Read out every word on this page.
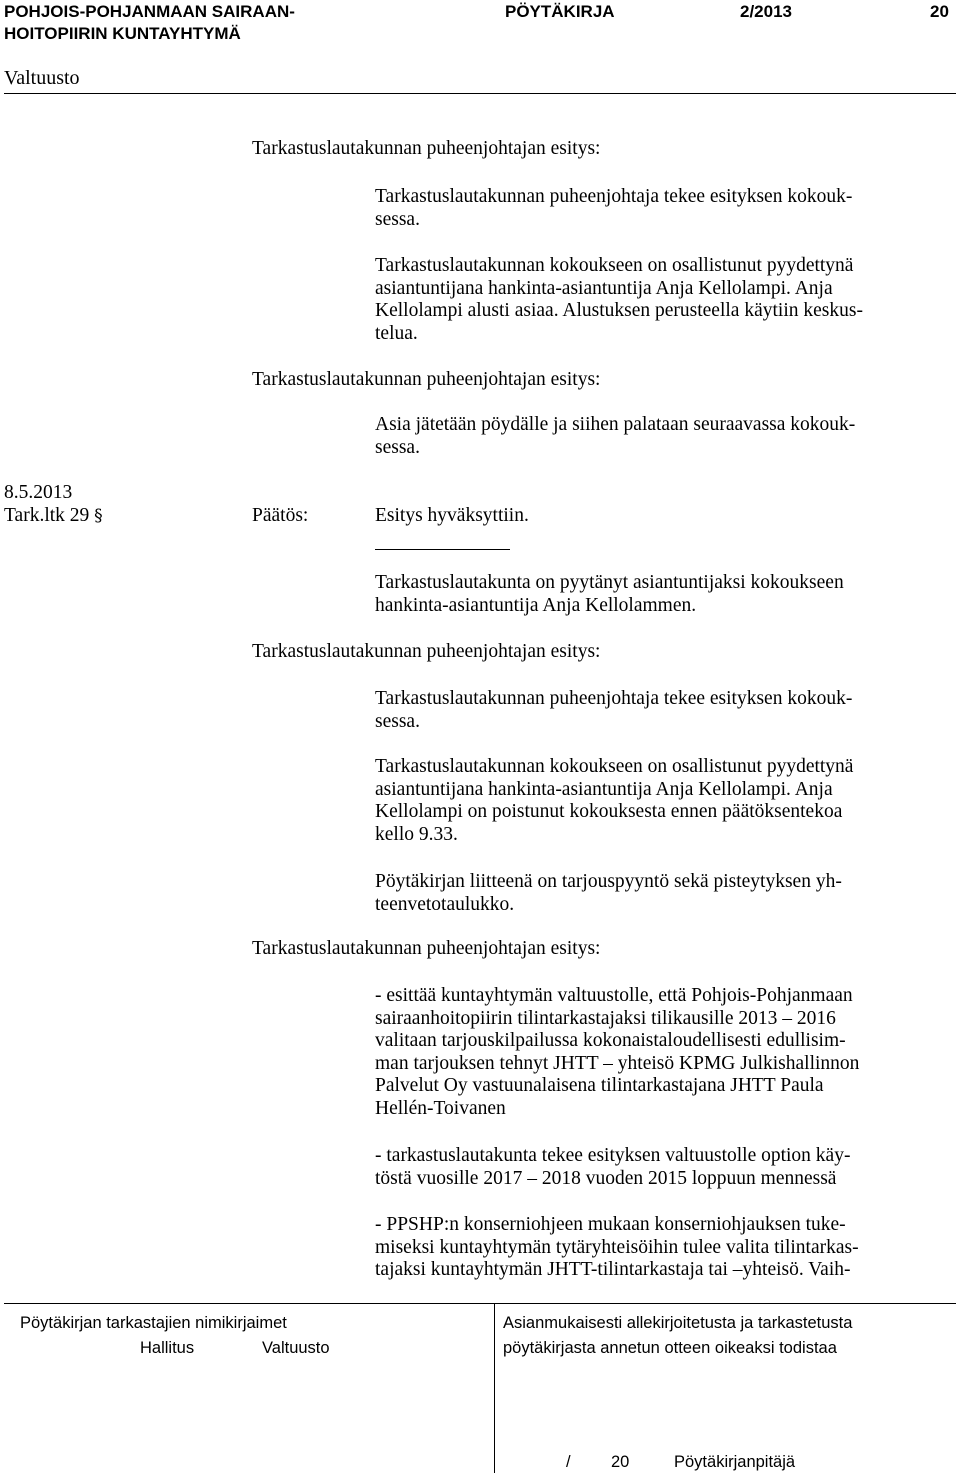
POHJOIS-POHJANMAAN SAIRAAN-
HOITOPIIRIN KUNTAYHTYMÄ
PÖYTÄKIRJA	2/2013	20
Valtuusto
Tarkastuslautakunnan puheenjohtajan esitys:

Tarkastuslautakunnan puheenjohtaja tekee esityksen kokouk-

sessa.

Tarkastuslautakunnan kokoukseen on osallistunut pyydettynä

asiantuntijana hankinta-asiantuntija Anja Kellolampi. Anja

Kellolampi alusti asiaa. Alustuksen perusteella käytiin keskus-

telua.

Tarkastuslautakunnan puheenjohtajan esitys:

Asia jätetään pöydälle ja siihen palataan seuraavassa kokouk-

sessa.

8.5.2013
Tark.ltk 29 §	Päätös:	Esitys hyväksyttiin.

Tarkastuslautakunta on pyytänyt asiantuntijaksi kokoukseen

hankinta-asiantuntija Anja Kellolammen.

Tarkastuslautakunnan puheenjohtajan esitys:

Tarkastuslautakunnan puheenjohtaja tekee esityksen kokouk-

sessa.

Tarkastuslautakunnan kokoukseen on osallistunut pyydettynä

asiantuntijana hankinta-asiantuntija Anja Kellolampi. Anja

Kellolampi on poistunut kokouksesta ennen päätöksentekoa

kello 9.33.

Pöytäkirjan liitteenä on tarjouspyyntö sekä pisteytyksen yh-

teenvetotaulukko.

Tarkastuslautakunnan puheenjohtajan esitys:

- esittää kuntayhtymän valtuustolle, että Pohjois-Pohjanmaan

sairaanhoitopiirin tilintarkastajaksi tilikausille 2013 – 2016

valitaan tarjouskilpailussa kokonaistaloudellisesti edullisim-

man tarjouksen tehnyt JHTT – yhteisö KPMG Julkishallinnon

Palvelut Oy vastuunalaisena tilintarkastajana JHTT Paula

Hellén-Toivanen

- tarkastuslautakunta tekee esityksen valtuustolle option käy-

töstä vuosille 2017 – 2018 vuoden 2015 loppuun mennessä

- PPSHP:n konserniohjeen mukaan konserniohjauksen tuke-

miseksi kuntayhtymän tytäryhteisöihin tulee valita tilintarkas-

tajaksi kuntayhtymän JHTT-tilintarkastaja tai –yhteisö. Vaih-

Pöytäkirjan tarkastajien nimikirjaimet
Hallitus	Valtuusto
Asianmukaisesti allekirjoitetusta ja tarkastetusta
pöytäkirjasta annetun otteen oikeaksi todistaa
/ 20	Pöytäkirjanpitäjä
